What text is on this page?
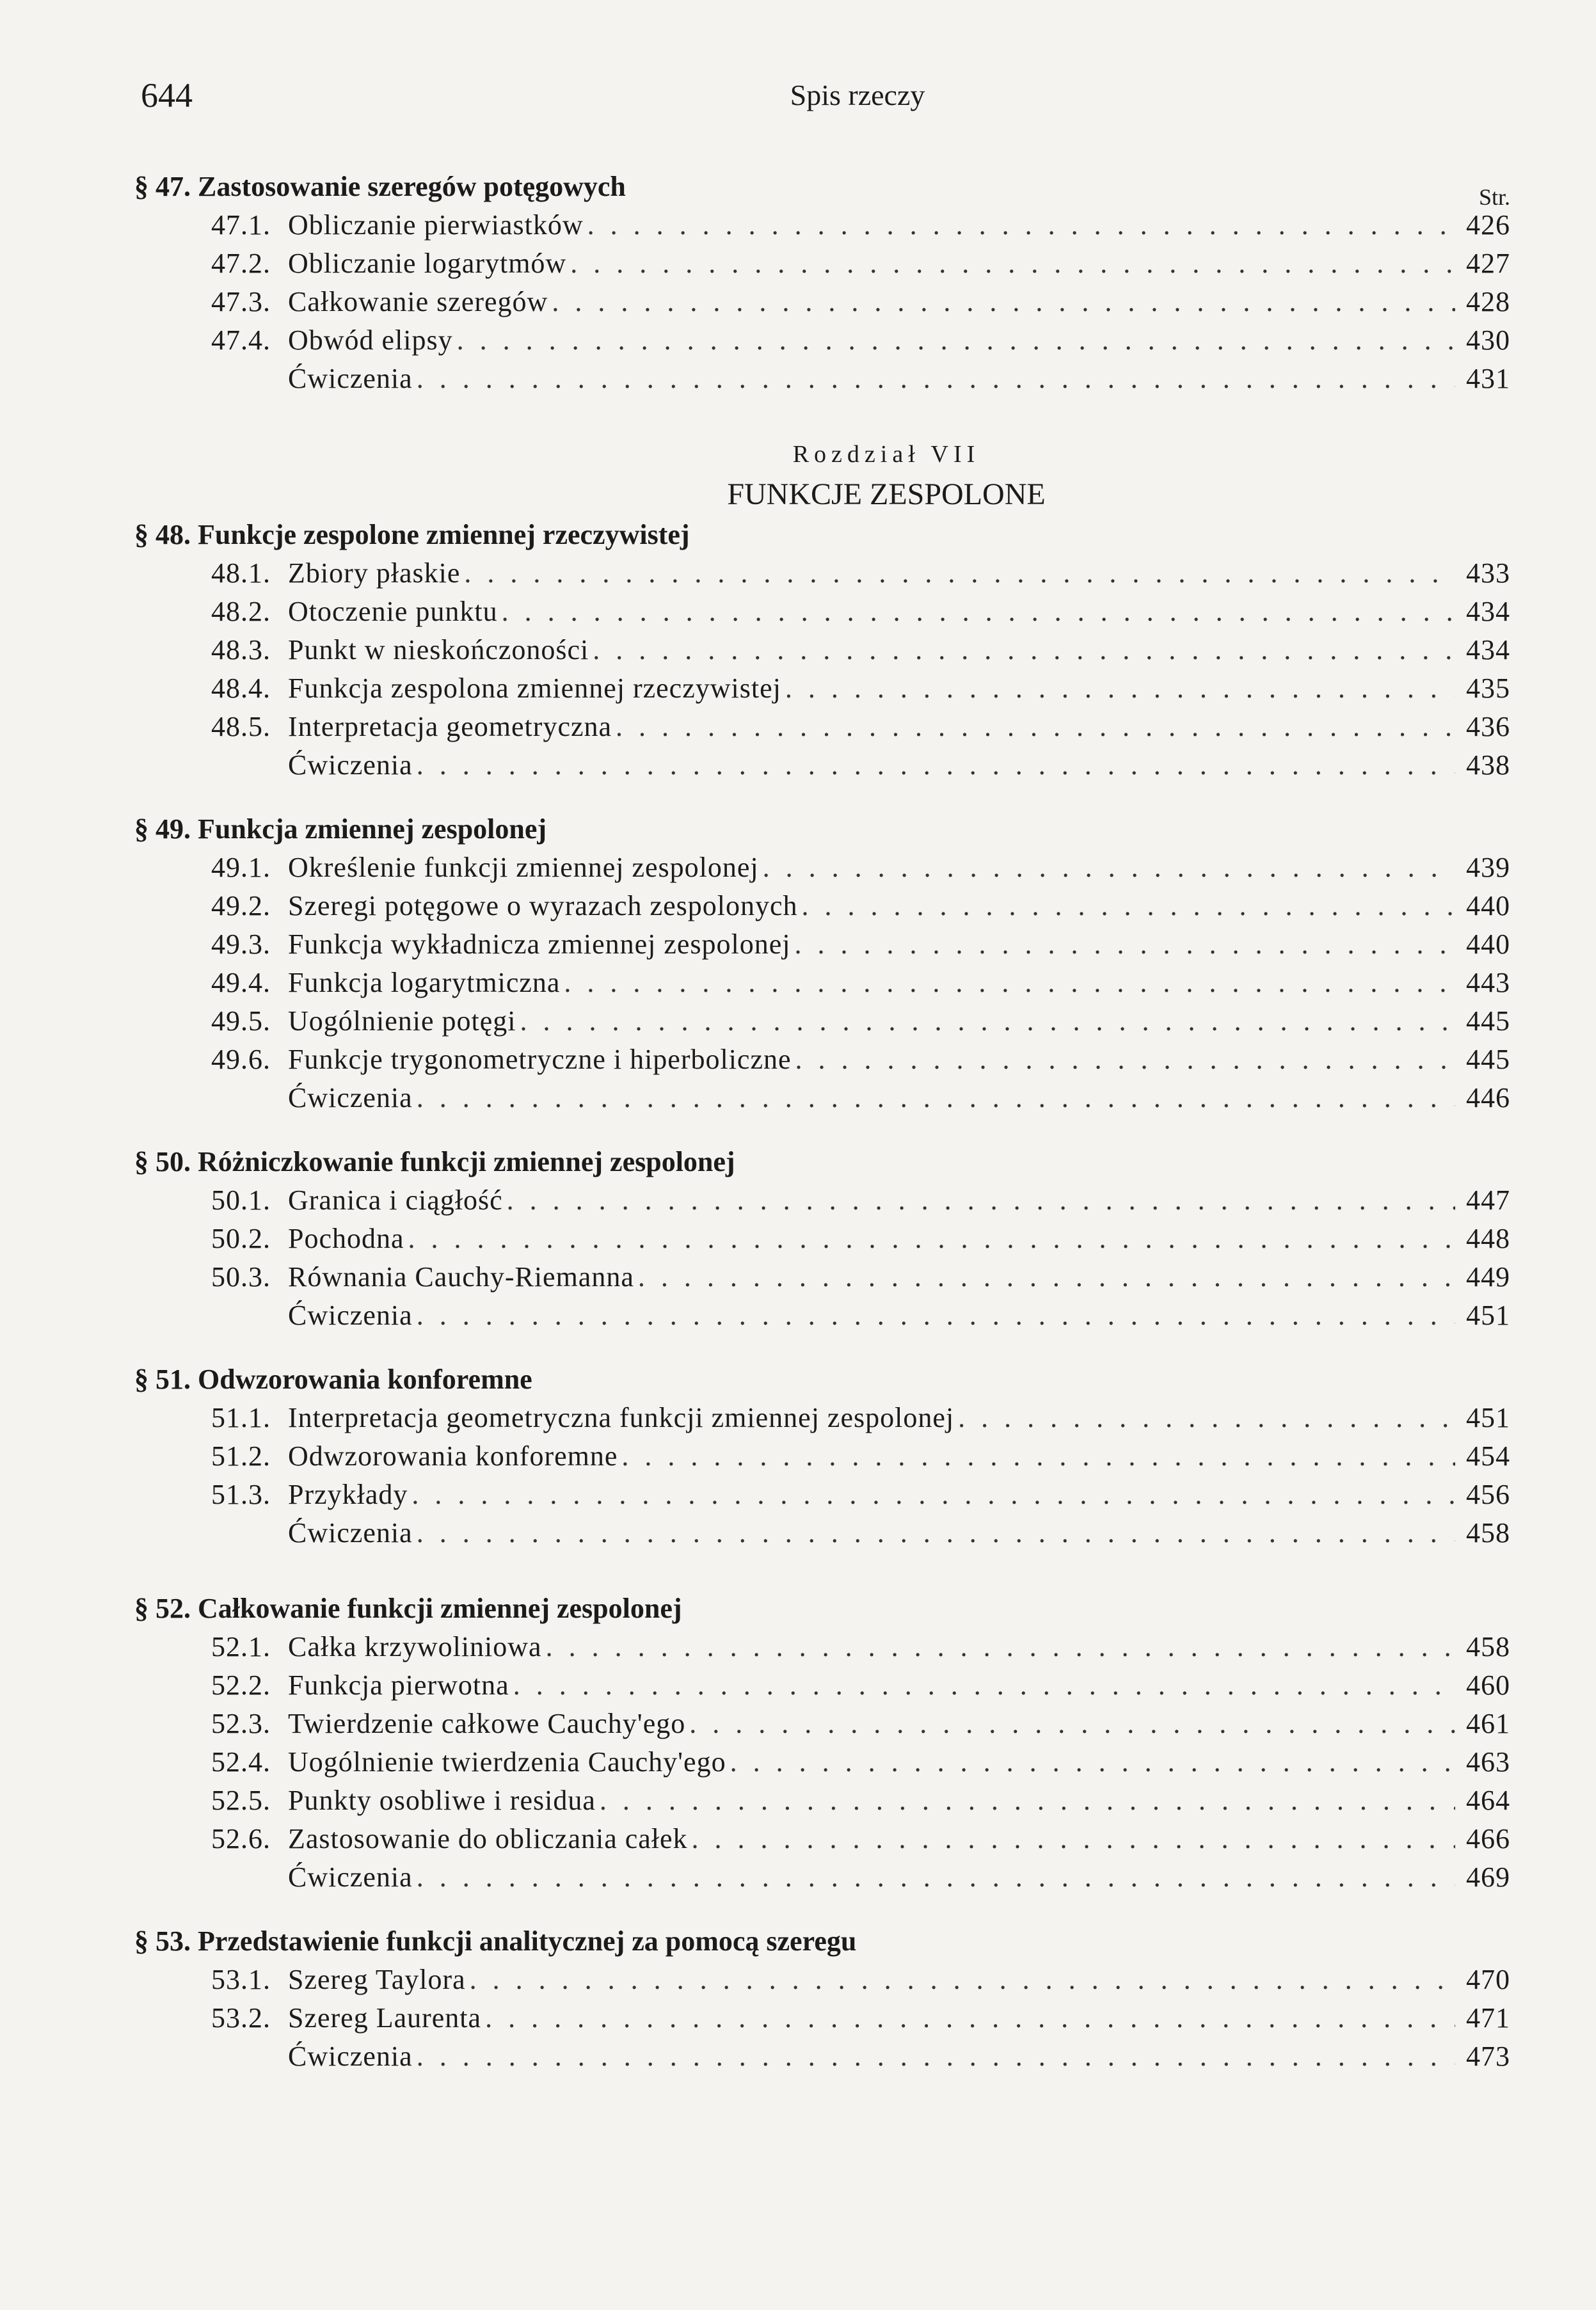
644	Spis rzeczy
§ 47. Zastosowanie szeregów potęgowych	Str.
47.1. Obliczanie pierwiastków . . .	426
47.2. Obliczanie logarytmów . . .	427
47.3. Całkowanie szeregów . . .	428
47.4. Obwód elipsy . . .	430
Ćwiczenia . . .	431
Rozdział VII
FUNKCJE ZESPOLONE
§ 48. Funkcje zespolone zmiennej rzeczywistej
48.1. Zbiory płaskie . . .	433
48.2. Otoczenie punktu . . .	434
48.3. Punkt w nieskończoności . . .	434
48.4. Funkcja zespolona zmiennej rzeczywistej . . .	435
48.5. Interpretacja geometryczna . . .	436
Ćwiczenia . . .	438
§ 49. Funkcja zmiennej zespolonej
49.1. Określenie funkcji zmiennej zespolonej . . .	439
49.2. Szeregi potęgowe o wyrazach zespolonych . . .	440
49.3. Funkcja wykładnicza zmiennej zespolonej . . .	440
49.4. Funkcja logarytmiczna . . .	443
49.5. Uogólnienie potęgi . . .	445
49.6. Funkcje trygonometryczne i hiperboliczne . . .	445
Ćwiczenia . . .	446
§ 50. Różniczkowanie funkcji zmiennej zespolonej
50.1. Granica i ciągłość . . .	447
50.2. Pochodna . . .	448
50.3. Równania Cauchy-Riemanna . . .	449
Ćwiczenia . . .	451
§ 51. Odwzorowania konforemne
51.1. Interpretacja geometryczna funkcji zmiennej zespolonej . . .	451
51.2. Odwzorowania konforemne . . .	454
51.3. Przykłady . . .	456
Ćwiczenia . . .	458
§ 52. Całkowanie funkcji zmiennej zespolonej
52.1. Całka krzywoliniowa . . .	458
52.2. Funkcja pierwotna . . .	460
52.3. Twierdzenie całkowe Cauchy'ego . . .	461
52.4. Uogólnienie twierdzenia Cauchy'ego . . .	463
52.5. Punkty osobliwe i residua . . .	464
52.6. Zastosowanie do obliczania całek . . .	466
Ćwiczenia . . .	469
§ 53. Przedstawienie funkcji analitycznej za pomocą szeregu
53.1. Szereg Taylora . . .	470
53.2. Szereg Laurenta . . .	471
Ćwiczenia . . .	473
